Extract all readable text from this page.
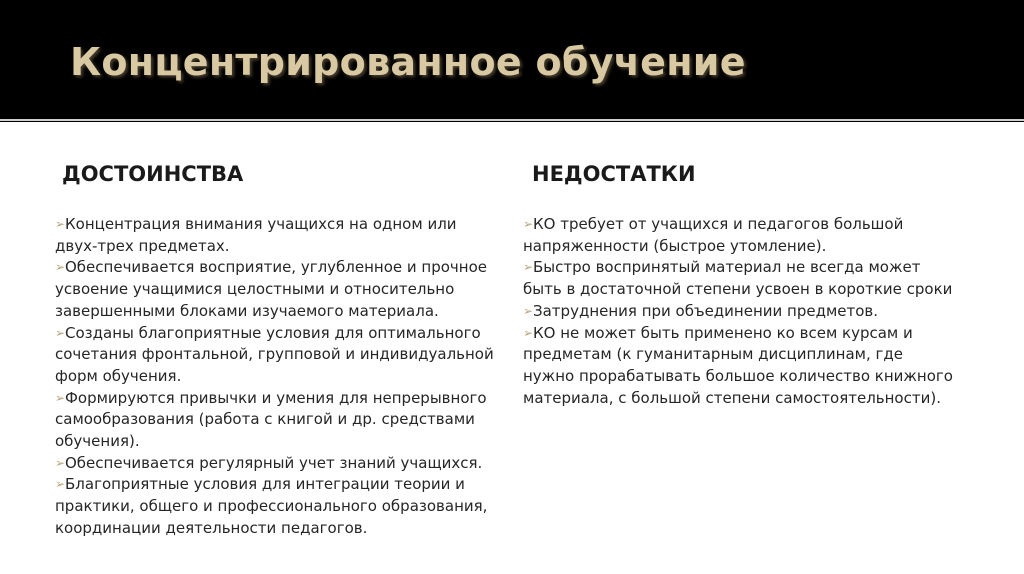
Концентрированное обучение
ДОСТОИНСТВА
➢Концентрация внимания учащихся на одном или двух-трех предметах.
➢Обеспечивается восприятие, углубленное и прочное усвоение учащимися целостными и относительно завершенными блоками изучаемого материала.
➢Созданы благоприятные условия для оптимального сочетания фронтальной, групповой и индивидуальной форм обучения.
➢Формируются привычки и умения для непрерывного самообразования (работа с книгой и др. средствами обучения).
➢Обеспечивается регулярный учет знаний учащихся.
➢Благоприятные условия для интеграции теории и практики, общего и профессионального образования, координации деятельности педагогов.
НЕДОСТАТКИ
➢КО требует от учащихся и педагогов большой напряженности (быстрое утомление).
➢Быстро воспринятый материал не всегда может быть в достаточной степени усвоен в короткие сроки
➢Затруднения при объединении предметов.
➢КО не может быть применено ко всем курсам и предметам (к гуманитарным дисциплинам, где нужно прорабатывать большое количество книжного материала, с большой степени самостоятельности).
